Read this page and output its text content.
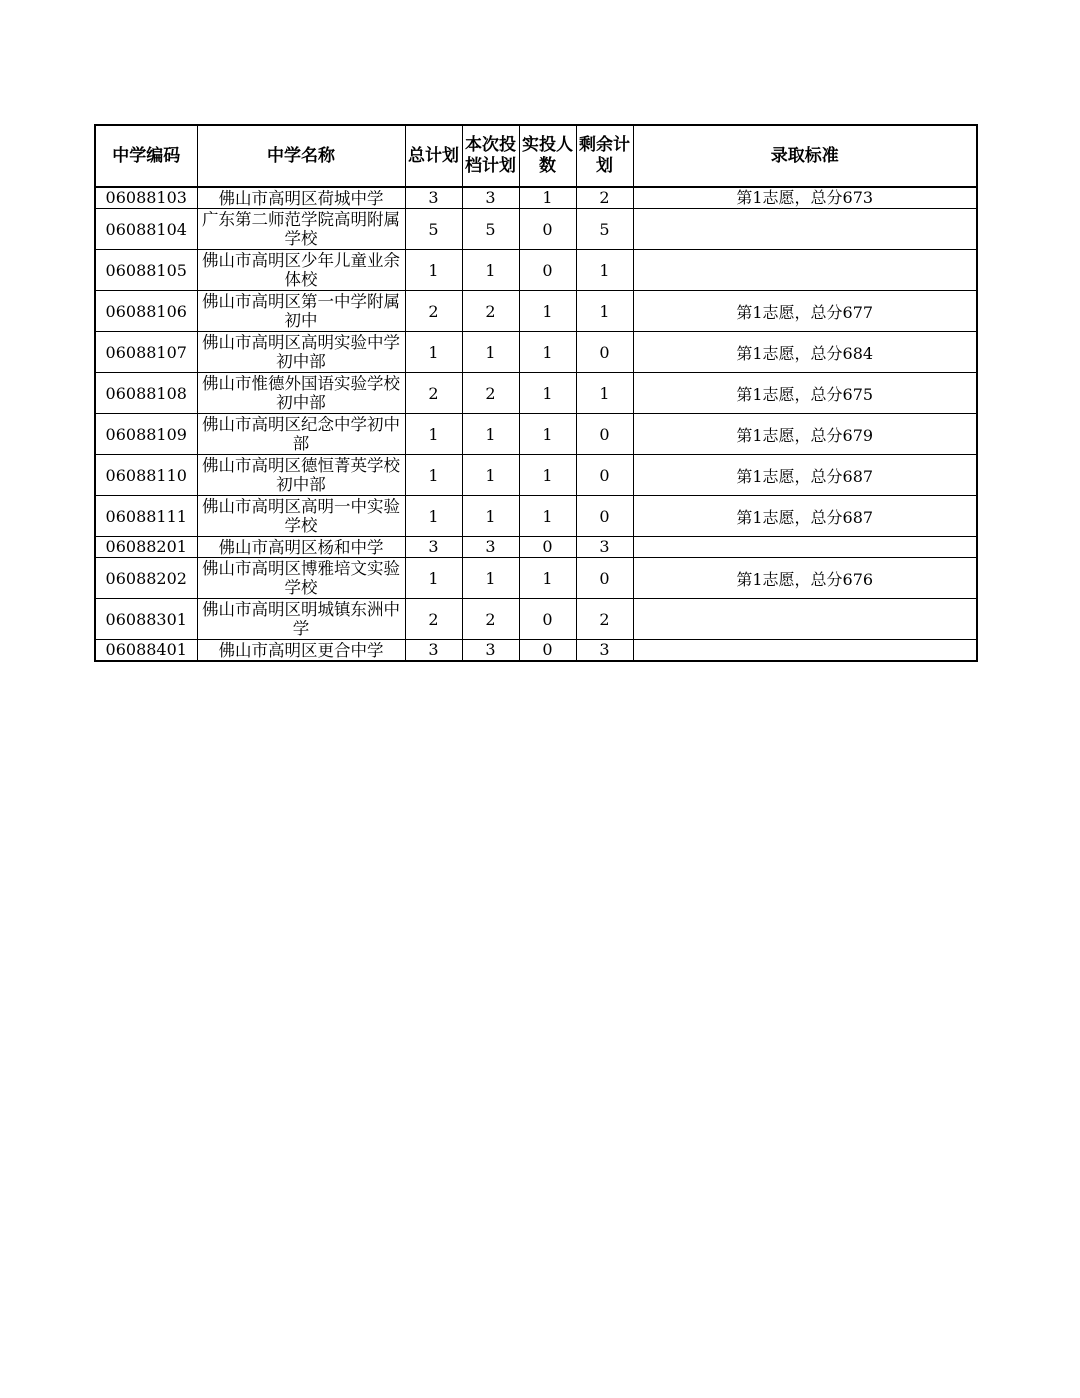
中学编码	中学名称	总计划	本次投档计划	实投人数	剩余计划	录取标准
06088103	佛山市高明区荷城中学	3	3	1	2	第1志愿，总分673
06088104	广东第二师范学院高明附属学校	5	5	0	5	
06088105	佛山市高明区少年儿童业余体校	1	1	0	1	
06088106	佛山市高明区第一中学附属初中	2	2	1	1	第1志愿，总分677
06088107	佛山市高明区高明实验中学初中部	1	1	1	0	第1志愿，总分684
06088108	佛山市惟德外国语实验学校初中部	2	2	1	1	第1志愿，总分675
06088109	佛山市高明区纪念中学初中部	1	1	1	0	第1志愿，总分679
06088110	佛山市高明区德恒菁英学校初中部	1	1	1	0	第1志愿，总分687
06088111	佛山市高明区高明一中实验学校	1	1	1	0	第1志愿，总分687
06088201	佛山市高明区杨和中学	3	3	0	3	
06088202	佛山市高明区博雅培文实验学校	1	1	1	0	第1志愿，总分676
06088301	佛山市高明区明城镇东洲中学	2	2	0	2	
06088401	佛山市高明区更合中学	3	3	0	3	
